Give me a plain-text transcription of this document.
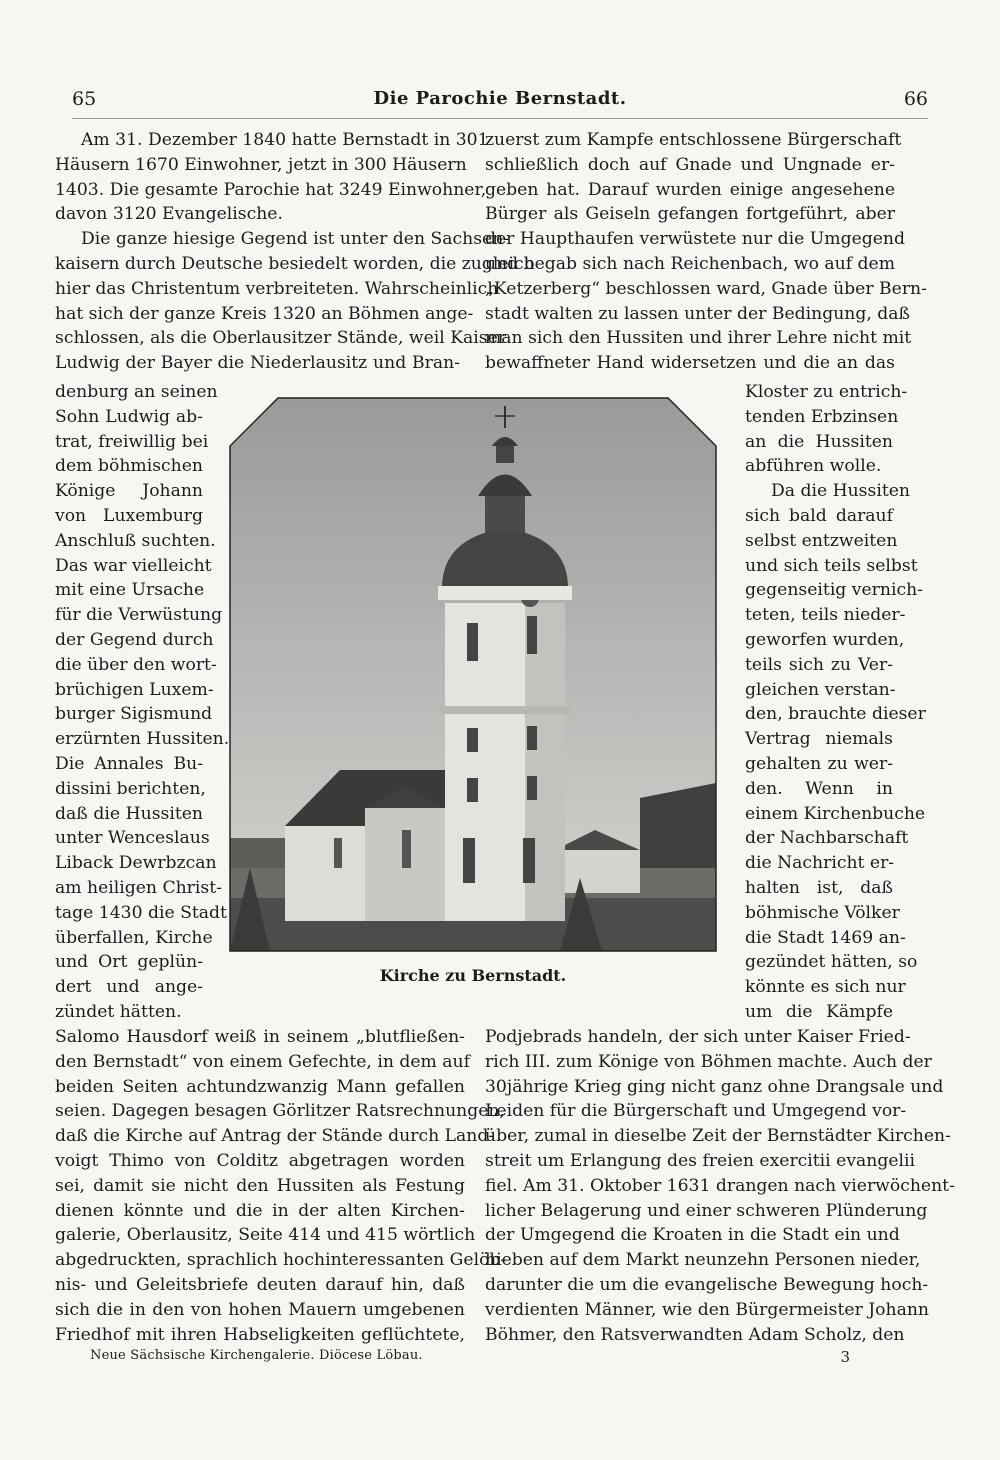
65	Die Parochie Bernstadt.	66
Am 31. Dezember 1840 hatte Bernstadt in 301
Häusern 1670 Einwohner, jetzt in 300 Häusern
1403. Die gesamte Parochie hat 3249 Einwohner,
davon 3120 Evangelische.
Die ganze hiesige Gegend ist unter den Sachsen-
kaisern durch Deutsche besiedelt worden, die zugleich
hier das Christentum verbreiteten. Wahrscheinlich
hat sich der ganze Kreis 1320 an Böhmen ange-
schlossen, als die Oberlausitzer Stände, weil Kaiser
Ludwig der Bayer die Niederlausitz und Bran-
denburg an seinen
Sohn Ludwig ab-
trat, freiwillig bei
dem böhmischen
Könige Johann
von Luxemburg
Anschluß suchten.
Das war vielleicht
mit eine Ursache
für die Verwüstung
der Gegend durch
die über den wort-
brüchigen Luxem-
burger Sigismund
erzürnten Hussiten.
Die Annales Bu-
dissini berichten,
daß die Hussiten
unter Wenceslaus
Liback Dewrbzcan
am heiligen Christ-
tage 1430 die Stadt
überfallen, Kirche
und Ort geplün-
dert und ange-
zündet hätten.
Salomo Hausdorf weiß in seinem „blutfließen-
den Bernstadt“ von einem Gefechte, in dem auf
beiden Seiten achtundzwanzig Mann gefallen
seien. Dagegen besagen Görlitzer Ratsrechnungen,
daß die Kirche auf Antrag der Stände durch Land-
voigt Thimo von Colditz abgetragen worden
sei, damit sie nicht den Hussiten als Festung
dienen könnte und die in der alten Kirchen-
galerie, Oberlausitz, Seite 414 und 415 wörtlich
abgedruckten, sprachlich hochinteressanten Gelöb-
nis- und Geleitsbriefe deuten darauf hin, daß
sich die in den von hohen Mauern umgebenen
Friedhof mit ihren Habseligkeiten geflüchtete,
zuerst zum Kampfe entschlossene Bürgerschaft
schließlich doch auf Gnade und Ungnade er-
geben hat. Darauf wurden einige angesehene
Bürger als Geiseln gefangen fortgeführt, aber
der Haupthaufen verwüstete nur die Umgegend
und begab sich nach Reichenbach, wo auf dem
„Ketzerberg“ beschlossen ward, Gnade über Bern-
stadt walten zu lassen unter der Bedingung, daß
man sich den Hussiten und ihrer Lehre nicht mit
bewaffneter Hand widersetzen und die an das
Kloster zu entrich-
tenden Erbzinsen
an die Hussiten
abführen wolle.
Da die Hussiten
sich bald darauf
selbst entzweiten
und sich teils selbst
gegenseitig vernich-
teten, teils nieder-
geworfen wurden,
teils sich zu Ver-
gleichen verstan-
den, brauchte dieser
Vertrag niemals
gehalten zu wer-
den. Wenn in
einem Kirchenbuche
der Nachbarschaft
die Nachricht er-
halten ist, daß
böhmische Völker
die Stadt 1469 an-
gezündet hätten, so
könnte es sich nur
um die Kämpfe
Podjebrads handeln, der sich unter Kaiser Fried-
rich III. zum Könige von Böhmen machte. Auch der
30jährige Krieg ging nicht ganz ohne Drangsale und
Leiden für die Bürgerschaft und Umgegend vor-
über, zumal in dieselbe Zeit der Bernstädter Kirchen-
streit um Erlangung des freien exercitii evangelii
fiel. Am 31. Oktober 1631 drangen nach vierwöchent-
licher Belagerung und einer schweren Plünderung
der Umgegend die Kroaten in die Stadt ein und
hieben auf dem Markt neunzehn Personen nieder,
darunter die um die evangelische Bewegung hoch-
verdienten Männer, wie den Bürgermeister Johann
Böhmer, den Ratsverwandten Adam Scholz, den
Kirche zu Bernstadt.
Neue Sächsische Kirchengalerie. Diöcese Löbau.	3
